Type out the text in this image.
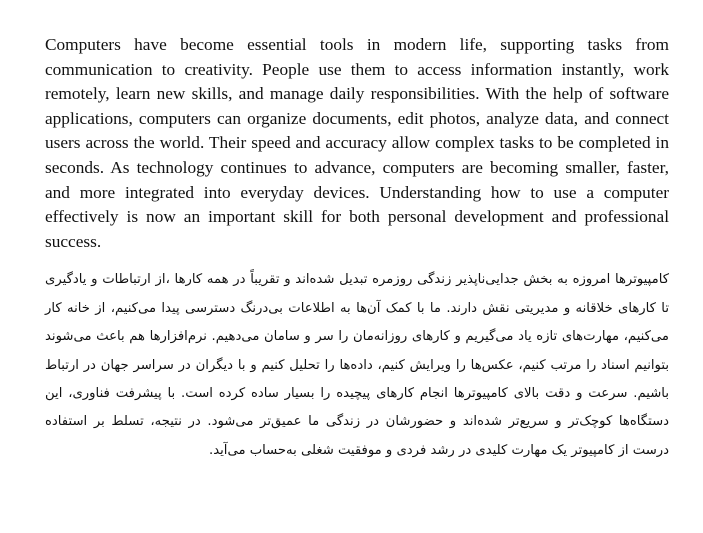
Computers have become essential tools in modern life, supporting tasks from communication to creativity. People use them to access information instantly, work remotely, learn new skills, and manage daily responsibilities. With the help of software applications, computers can organize documents, edit photos, analyze data, and connect users across the world. Their speed and accuracy allow complex tasks to be completed in seconds. As technology continues to advance, computers are becoming smaller, faster, and more integrated into everyday devices. Understanding how to use a computer effectively is now an important skill for both personal development and professional success.

کامپیوترها امروزه به بخش جدایی‌ناپذیر زندگی روزمره تبدیل شده‌اند و تقریباً در همه کارها ،از ارتباطات و یادگیری تا کارهای خلاقانه و مدیریتی نقش دارند. ما با کمک آن‌ها به اطلاعات بی‌درنگ دسترسی پیدا می‌کنیم، از خانه کار می‌کنیم، مهارت‌های تازه یاد می‌گیریم و کارهای روزانه‌مان را سر و سامان می‌دهیم. نرم‌افزارها هم باعث می‌شوند بتوانیم اسناد را مرتب کنیم، عکس‌ها را ویرایش کنیم، داده‌ها را تحلیل کنیم و با دیگران در سراسر جهان در ارتباط باشیم. سرعت و دقت بالای کامپیوترها انجام کارهای پیچیده را بسیار ساده کرده است. با پیشرفت فناوری، این دستگاه‌ها کوچک‌تر و سریع‌تر شده‌اند و حضورشان در زندگی ما عمیق‌تر می‌شود. در نتیجه، تسلط بر استفاده درست از کامپیوتر یک مهارت کلیدی در رشد فردی و موفقیت شغلی به‌حساب می‌آید.
